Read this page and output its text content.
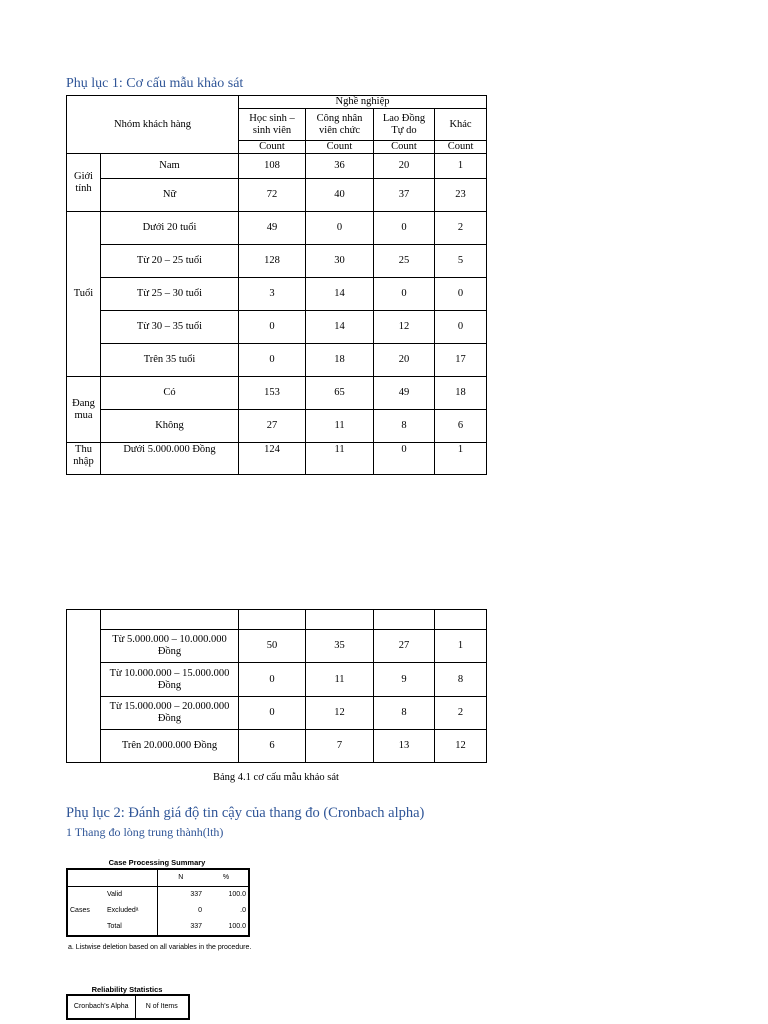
Phụ lục 1: Cơ cấu mẫu khảo sát
Nhóm khách hàng		Nghề nghiệp			
		Học sinh – sinh viên	Công nhân viên chức	Lao Đồng Tự do	Khác
		Count	Count	Count	Count
Giới tính	Nam	108	36	20	1
	Nữ	72	40	37	23
Tuổi	Dưới 20 tuổi	49	0	0	2
	Từ 20 – 25 tuổi	128	30	25	5
	Từ 25 – 30 tuổi	3	14	0	0
	Từ 30 – 35 tuổi	0	14	12	0
	Trên 35 tuổi	0	18	20	17
Đang mua	Có	153	65	49	18
	Không	27	11	8	6
Thu nhập	Dưới 5.000.000 Đồng	124	11	0	1

	Từ 5.000.000 – 10.000.000 Đồng	50	35	27	1
	Từ 10.000.000 – 15.000.000 Đồng	0	11	9	8
	Từ 15.000.000 – 20.000.000 Đồng	0	12	8	2
	Trên 20.000.000 Đồng	6	7	13	12
Bảng 4.1 cơ cấu mẫu khảo sát
Phụ lục 2: Đánh giá độ tin cậy của thang đo (Cronbach alpha)
1 Thang đo lòng trung thành(lth)
Case Processing Summary
		N	%
	Valid	337	100.0
Cases	Excludedᵃ	0	.0
	Total	337	100.0
a. Listwise deletion based on all variables in the procedure.
Reliability Statistics
Cronbach's Alpha	N of Items
